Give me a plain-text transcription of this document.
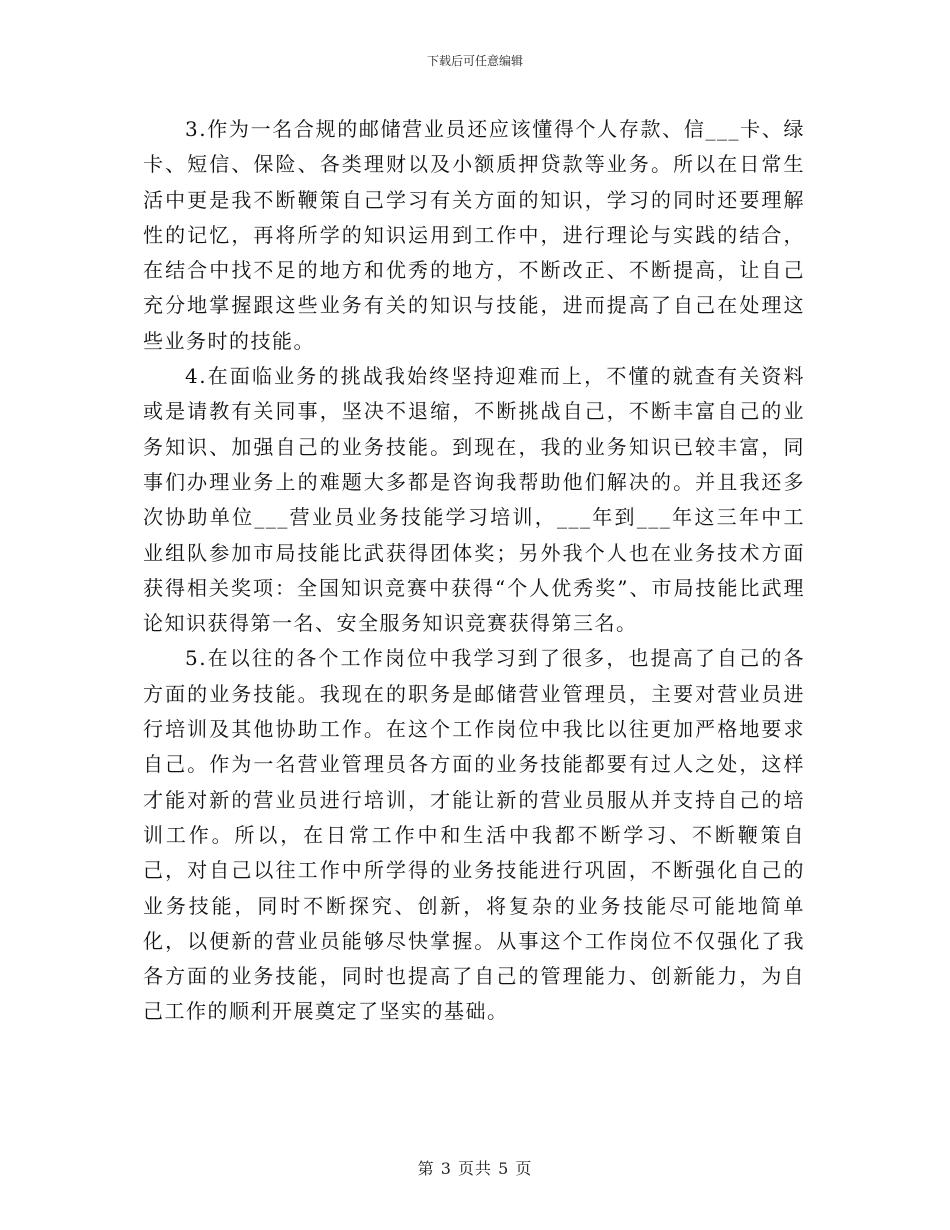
下载后可任意编辑

3.作为一名合规的邮储营业员还应该懂得个人存款、信___卡、绿卡、短信、保险、各类理财以及小额质押贷款等业务。所以在日常生活中更是我不断鞭策自己学习有关方面的知识，学习的同时还要理解性的记忆，再将所学的知识运用到工作中，进行理论与实践的结合，在结合中找不足的地方和优秀的地方，不断改正、不断提高，让自己充分地掌握跟这些业务有关的知识与技能，进而提高了自己在处理这些业务时的技能。

4.在面临业务的挑战我始终坚持迎难而上，不懂的就查有关资料或是请教有关同事，坚决不退缩，不断挑战自己，不断丰富自己的业务知识、加强自己的业务技能。到现在，我的业务知识已较丰富，同事们办理业务上的难题大多都是咨询我帮助他们解决的。并且我还多次协助单位___营业员业务技能学习培训，___年到___年这三年中工业组队参加市局技能比武获得团体奖；另外我个人也在业务技术方面获得相关奖项：全国知识竞赛中获得“个人优秀奖”、市局技能比武理论知识获得第一名、安全服务知识竞赛获得第三名。

5.在以往的各个工作岗位中我学习到了很多，也提高了自己的各方面的业务技能。我现在的职务是邮储营业管理员，主要对营业员进行培训及其他协助工作。在这个工作岗位中我比以往更加严格地要求自己。作为一名营业管理员各方面的业务技能都要有过人之处，这样才能对新的营业员进行培训，才能让新的营业员服从并支持自己的培训工作。所以，在日常工作中和生活中我都不断学习、不断鞭策自己，对自己以往工作中所学得的业务技能进行巩固，不断强化自己的业务技能，同时不断探究、创新，将复杂的业务技能尽可能地简单化，以便新的营业员能够尽快掌握。从事这个工作岗位不仅强化了我各方面的业务技能，同时也提高了自己的管理能力、创新能力，为自己工作的顺利开展奠定了坚实的基础。

第 3 页共 5 页
